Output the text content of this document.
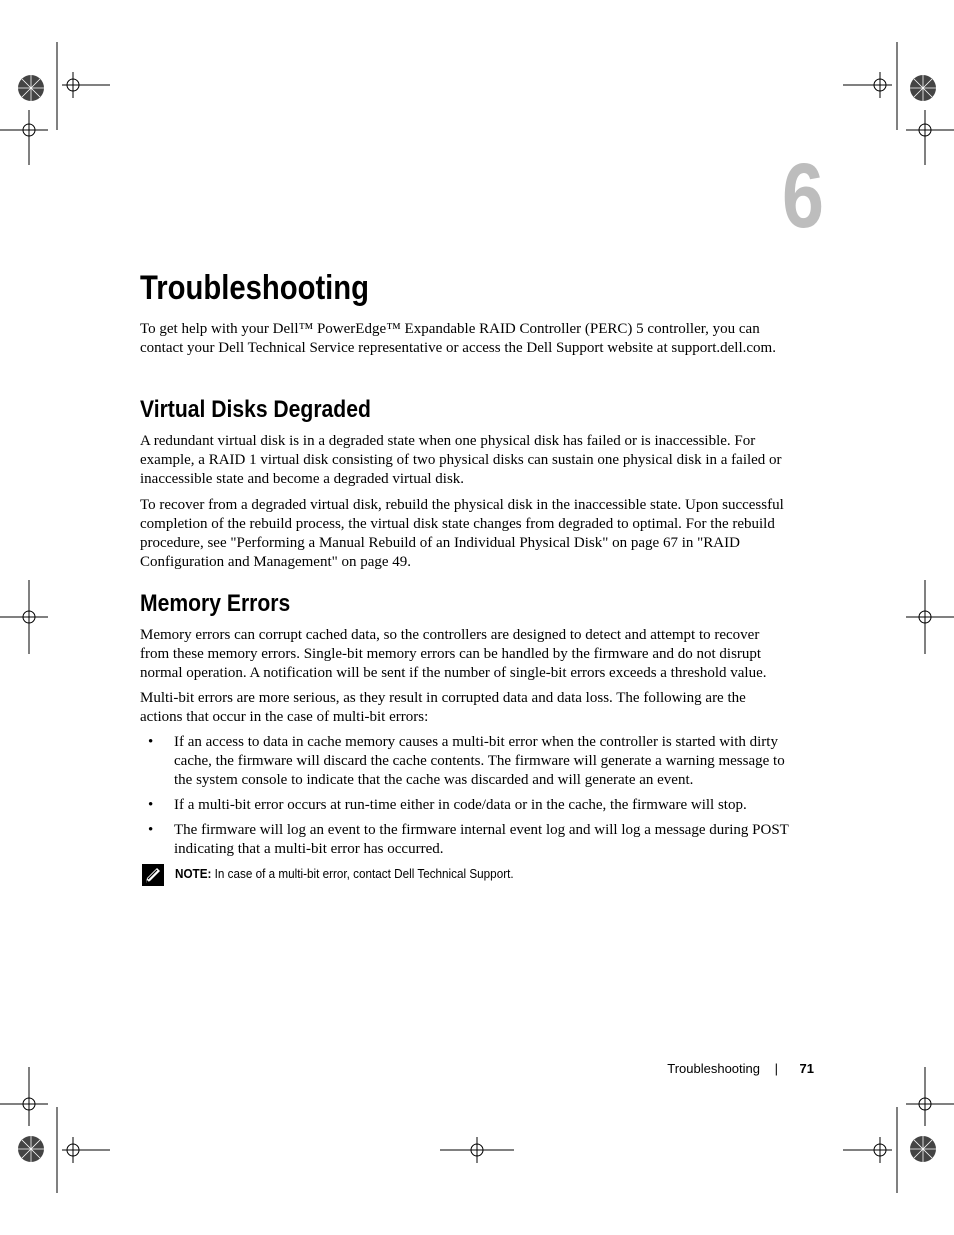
6
Troubleshooting

To get help with your Dell™ PowerEdge™ Expandable RAID Controller (PERC) 5 controller, you can contact your Dell Technical Service representative or access the Dell Support website at support.dell.com.

Virtual Disks Degraded

A redundant virtual disk is in a degraded state when one physical disk has failed or is inaccessible. For example, a RAID 1 virtual disk consisting of two physical disks can sustain one physical disk in a failed or inaccessible state and become a degraded virtual disk.

To recover from a degraded virtual disk, rebuild the physical disk in the inaccessible state. Upon successful completion of the rebuild process, the virtual disk state changes from degraded to optimal. For the rebuild procedure, see "Performing a Manual Rebuild of an Individual Physical Disk" on page 67 in "RAID Configuration and Management" on page 49.

Memory Errors

Memory errors can corrupt cached data, so the controllers are designed to detect and attempt to recover from these memory errors. Single-bit memory errors can be handled by the firmware and do not disrupt normal operation. A notification will be sent if the number of single-bit errors exceeds a threshold value.

Multi-bit errors are more serious, as they result in corrupted data and data loss. The following are the actions that occur in the case of multi-bit errors:

• If an access to data in cache memory causes a multi-bit error when the controller is started with dirty cache, the firmware will discard the cache contents. The firmware will generate a warning message to the system console to indicate that the cache was discarded and will generate an event.
• If a multi-bit error occurs at run-time either in code/data or in the cache, the firmware will stop.
• The firmware will log an event to the firmware internal event log and will log a message during POST indicating that a multi-bit error has occurred.
NOTE: In case of a multi-bit error, contact Dell Technical Support.
Troubleshooting | 71
